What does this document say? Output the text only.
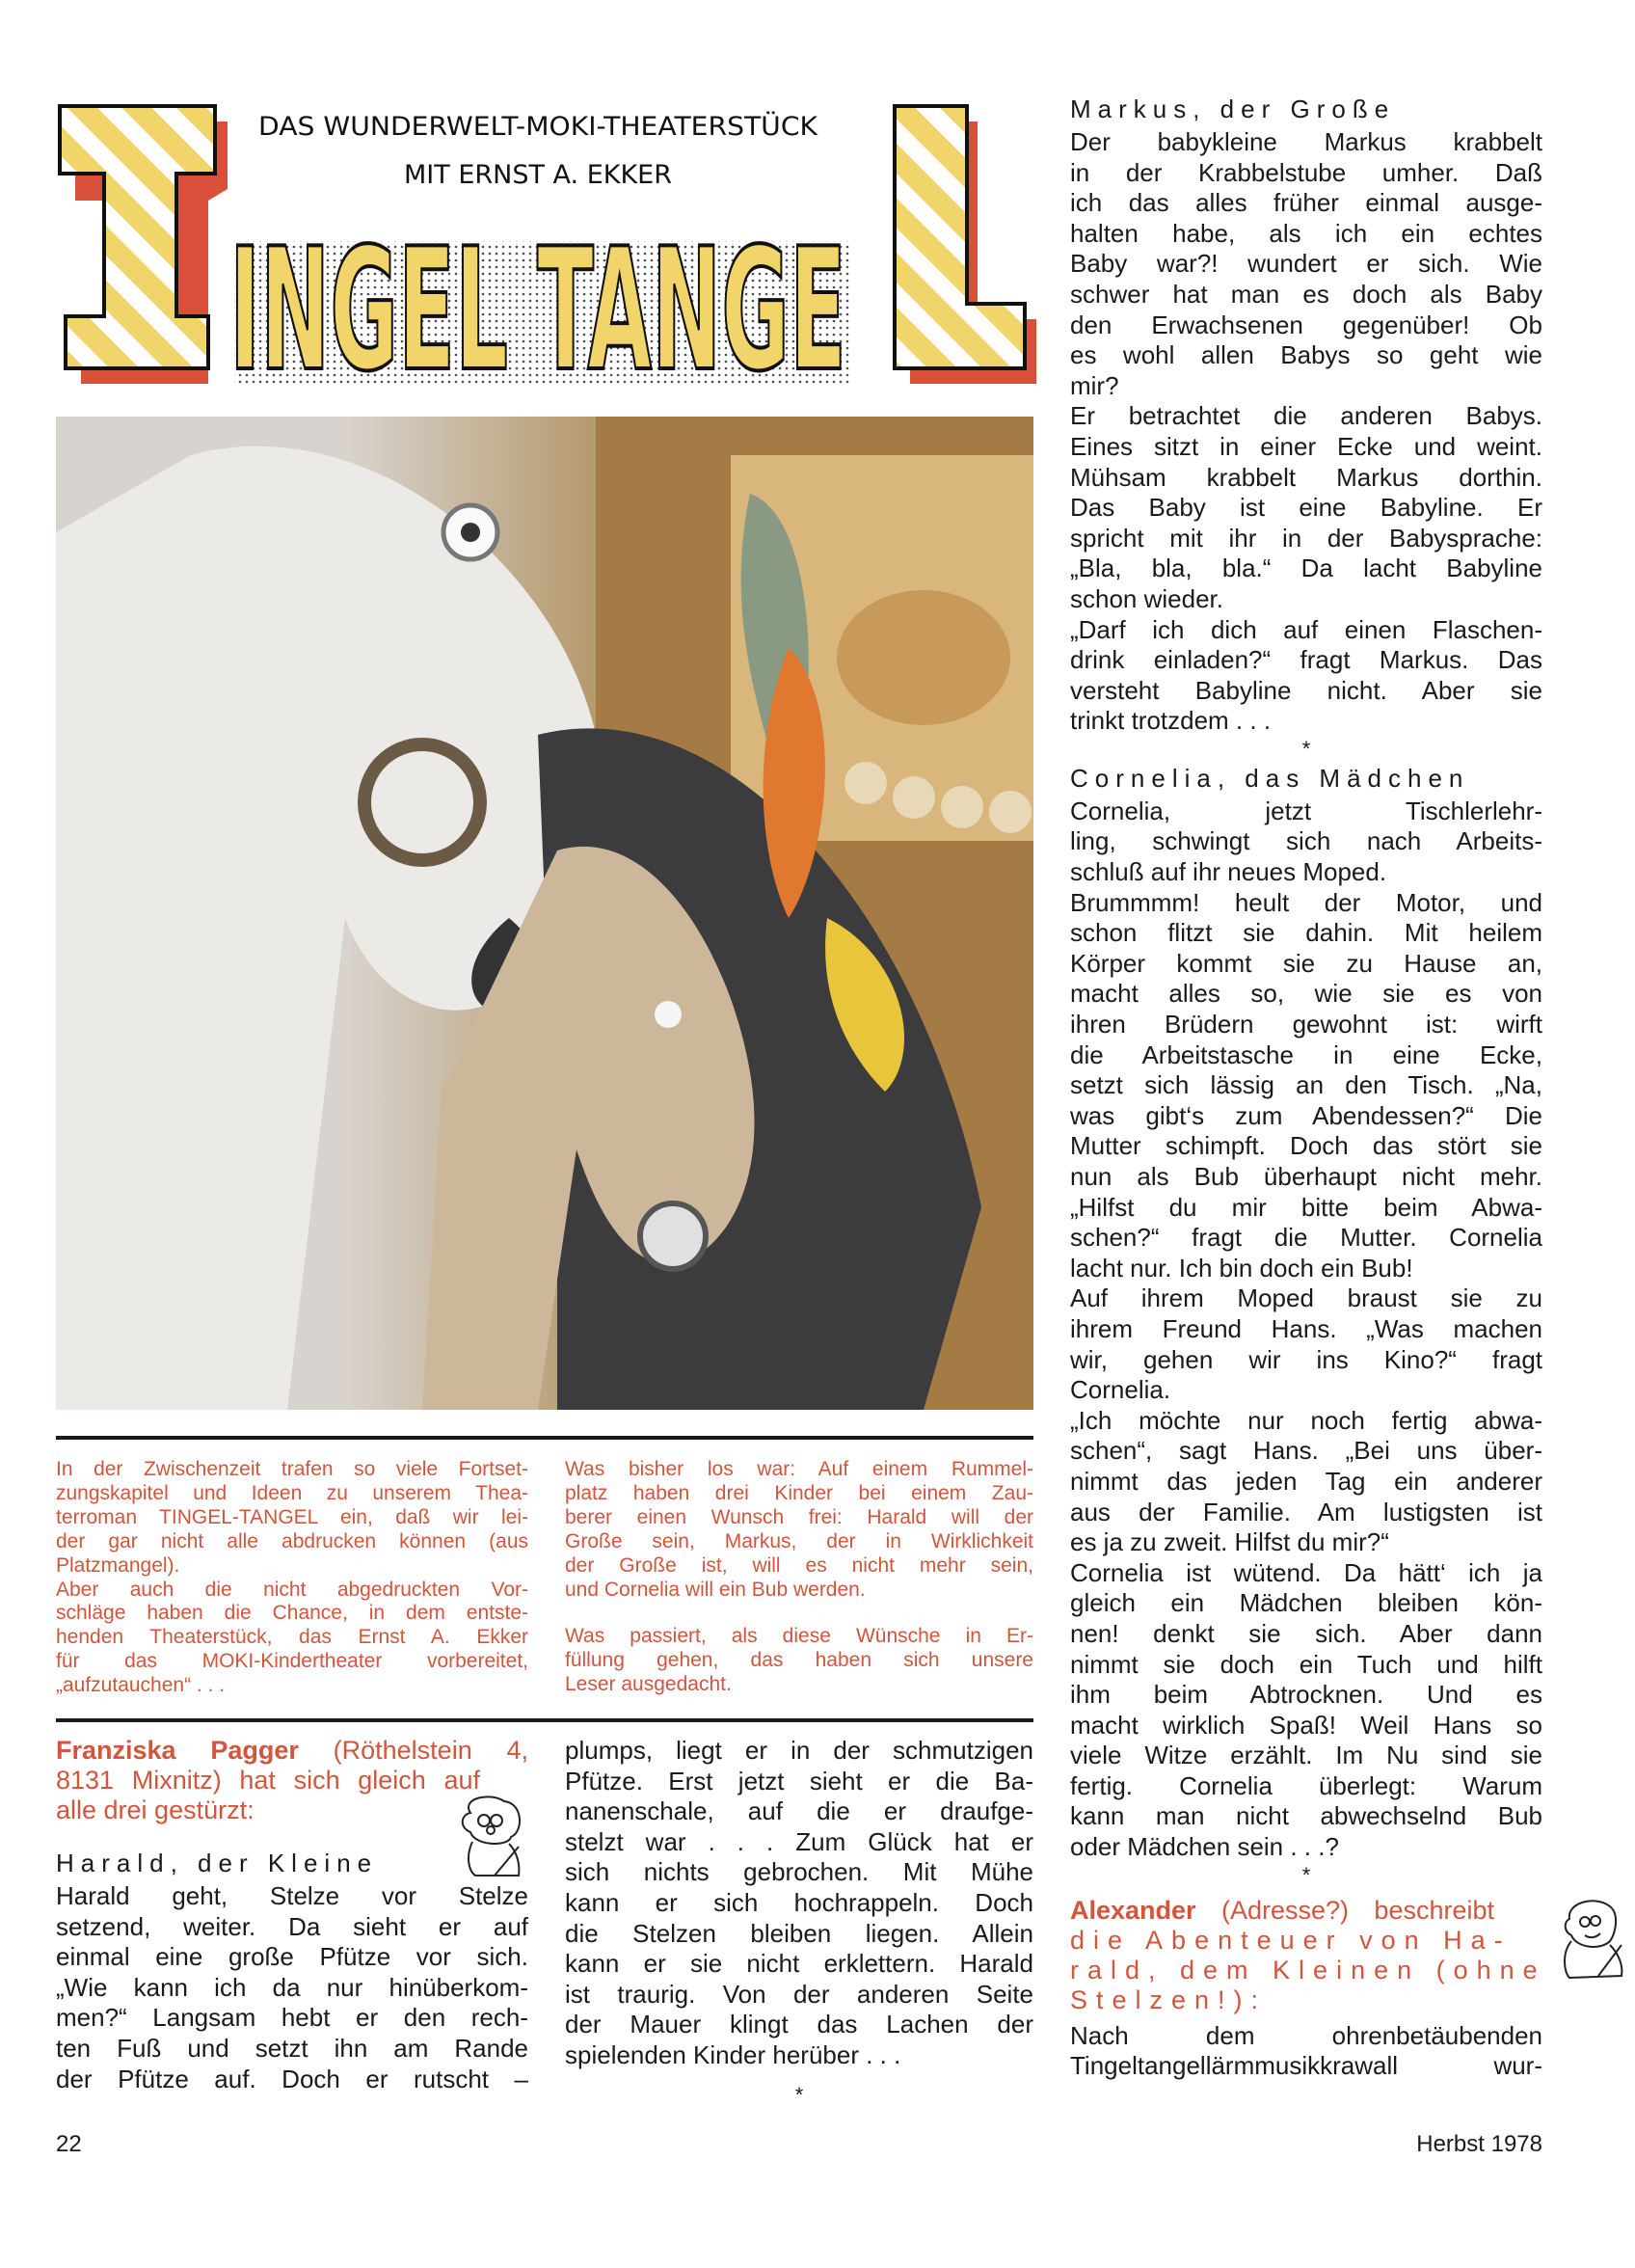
INGEL TANGE
DAS WUNDERWELT-MOKI-THEATERSTÜCK
MIT ERNST A. EKKER
In der Zwischenzeit trafen so viele Fortset-
zungskapitel und Ideen zu unserem Thea-
terroman TINGEL-TANGEL ein, daß wir lei-
der gar nicht alle abdrucken können (aus
Platzmangel).
Aber auch die nicht abgedruckten Vor-
schläge haben die Chance, in dem entste-
henden Theaterstück, das Ernst A. Ekker
für das MOKI-Kindertheater vorbereitet,
„aufzutauchen“ . . .
Was bisher los war: Auf einem Rummel-
platz haben drei Kinder bei einem Zau-
berer einen Wunsch frei: Harald will der
Große sein, Markus, der in Wirklichkeit
der Große ist, will es nicht mehr sein,
und Cornelia will ein Bub werden.
Was passiert, als diese Wünsche in Er-
füllung gehen, das haben sich unsere
Leser ausgedacht.
Franziska Pagger (Röthelstein 4,
8131 Mixnitz) hat sich gleich auf
alle drei gestürzt:
Harald, der Kleine
Harald geht, Stelze vor Stelze
setzend, weiter. Da sieht er auf
einmal eine große Pfütze vor sich.
„Wie kann ich da nur hinüberkom-
men?“ Langsam hebt er den rech-
ten Fuß und setzt ihn am Rande
der Pfütze auf. Doch er rutscht –
plumps, liegt er in der schmutzigen
Pfütze. Erst jetzt sieht er die Ba-
nanenschale, auf die er draufge-
stelzt war . . . Zum Glück hat er
sich nichts gebrochen. Mit Mühe
kann er sich hochrappeln. Doch
die Stelzen bleiben liegen. Allein
kann er sie nicht erklettern. Harald
ist traurig. Von der anderen Seite
der Mauer klingt das Lachen der
spielenden Kinder herüber . . .
*
Markus, der Große
Der babykleine Markus krabbelt
in der Krabbelstube umher. Daß
ich das alles früher einmal ausge-
halten habe, als ich ein echtes
Baby war?! wundert er sich. Wie
schwer hat man es doch als Baby
den Erwachsenen gegenüber! Ob
es wohl allen Babys so geht wie
mir?
Er betrachtet die anderen Babys.
Eines sitzt in einer Ecke und weint.
Mühsam krabbelt Markus dorthin.
Das Baby ist eine Babyline. Er
spricht mit ihr in der Babysprache:
„Bla, bla, bla.“ Da lacht Babyline
schon wieder.
„Darf ich dich auf einen Flaschen-
drink einladen?“ fragt Markus. Das
versteht Babyline nicht. Aber sie
trinkt trotzdem . . .
*
Cornelia, das Mädchen
Cornelia, jetzt Tischlerlehr-
ling, schwingt sich nach Arbeits-
schluß auf ihr neues Moped.
Brummmm! heult der Motor, und
schon flitzt sie dahin. Mit heilem
Körper kommt sie zu Hause an,
macht alles so, wie sie es von
ihren Brüdern gewohnt ist: wirft
die Arbeitstasche in eine Ecke,
setzt sich lässig an den Tisch. „Na,
was gibt‘s zum Abendessen?“ Die
Mutter schimpft. Doch das stört sie
nun als Bub überhaupt nicht mehr.
„Hilfst du mir bitte beim Abwa-
schen?“ fragt die Mutter. Cornelia
lacht nur. Ich bin doch ein Bub!
Auf ihrem Moped braust sie zu
ihrem Freund Hans. „Was machen
wir, gehen wir ins Kino?“ fragt
Cornelia.
„Ich möchte nur noch fertig abwa-
schen“, sagt Hans. „Bei uns über-
nimmt das jeden Tag ein anderer
aus der Familie. Am lustigsten ist
es ja zu zweit. Hilfst du mir?“
Cornelia ist wütend. Da hätt‘ ich ja
gleich ein Mädchen bleiben kön-
nen! denkt sie sich. Aber dann
nimmt sie doch ein Tuch und hilft
ihm beim Abtrocknen. Und es
macht wirklich Spaß! Weil Hans so
viele Witze erzählt. Im Nu sind sie
fertig. Cornelia überlegt: Warum
kann man nicht abwechselnd Bub
oder Mädchen sein . . .?
*
Alexander (Adresse?) beschreibt
die Abenteuer von Ha-
rald, dem Kleinen (ohne
Stelzen!):
Nach dem ohrenbetäubenden
Tingeltangellärmmusikkrawall wur-
22	Herbst 1978
